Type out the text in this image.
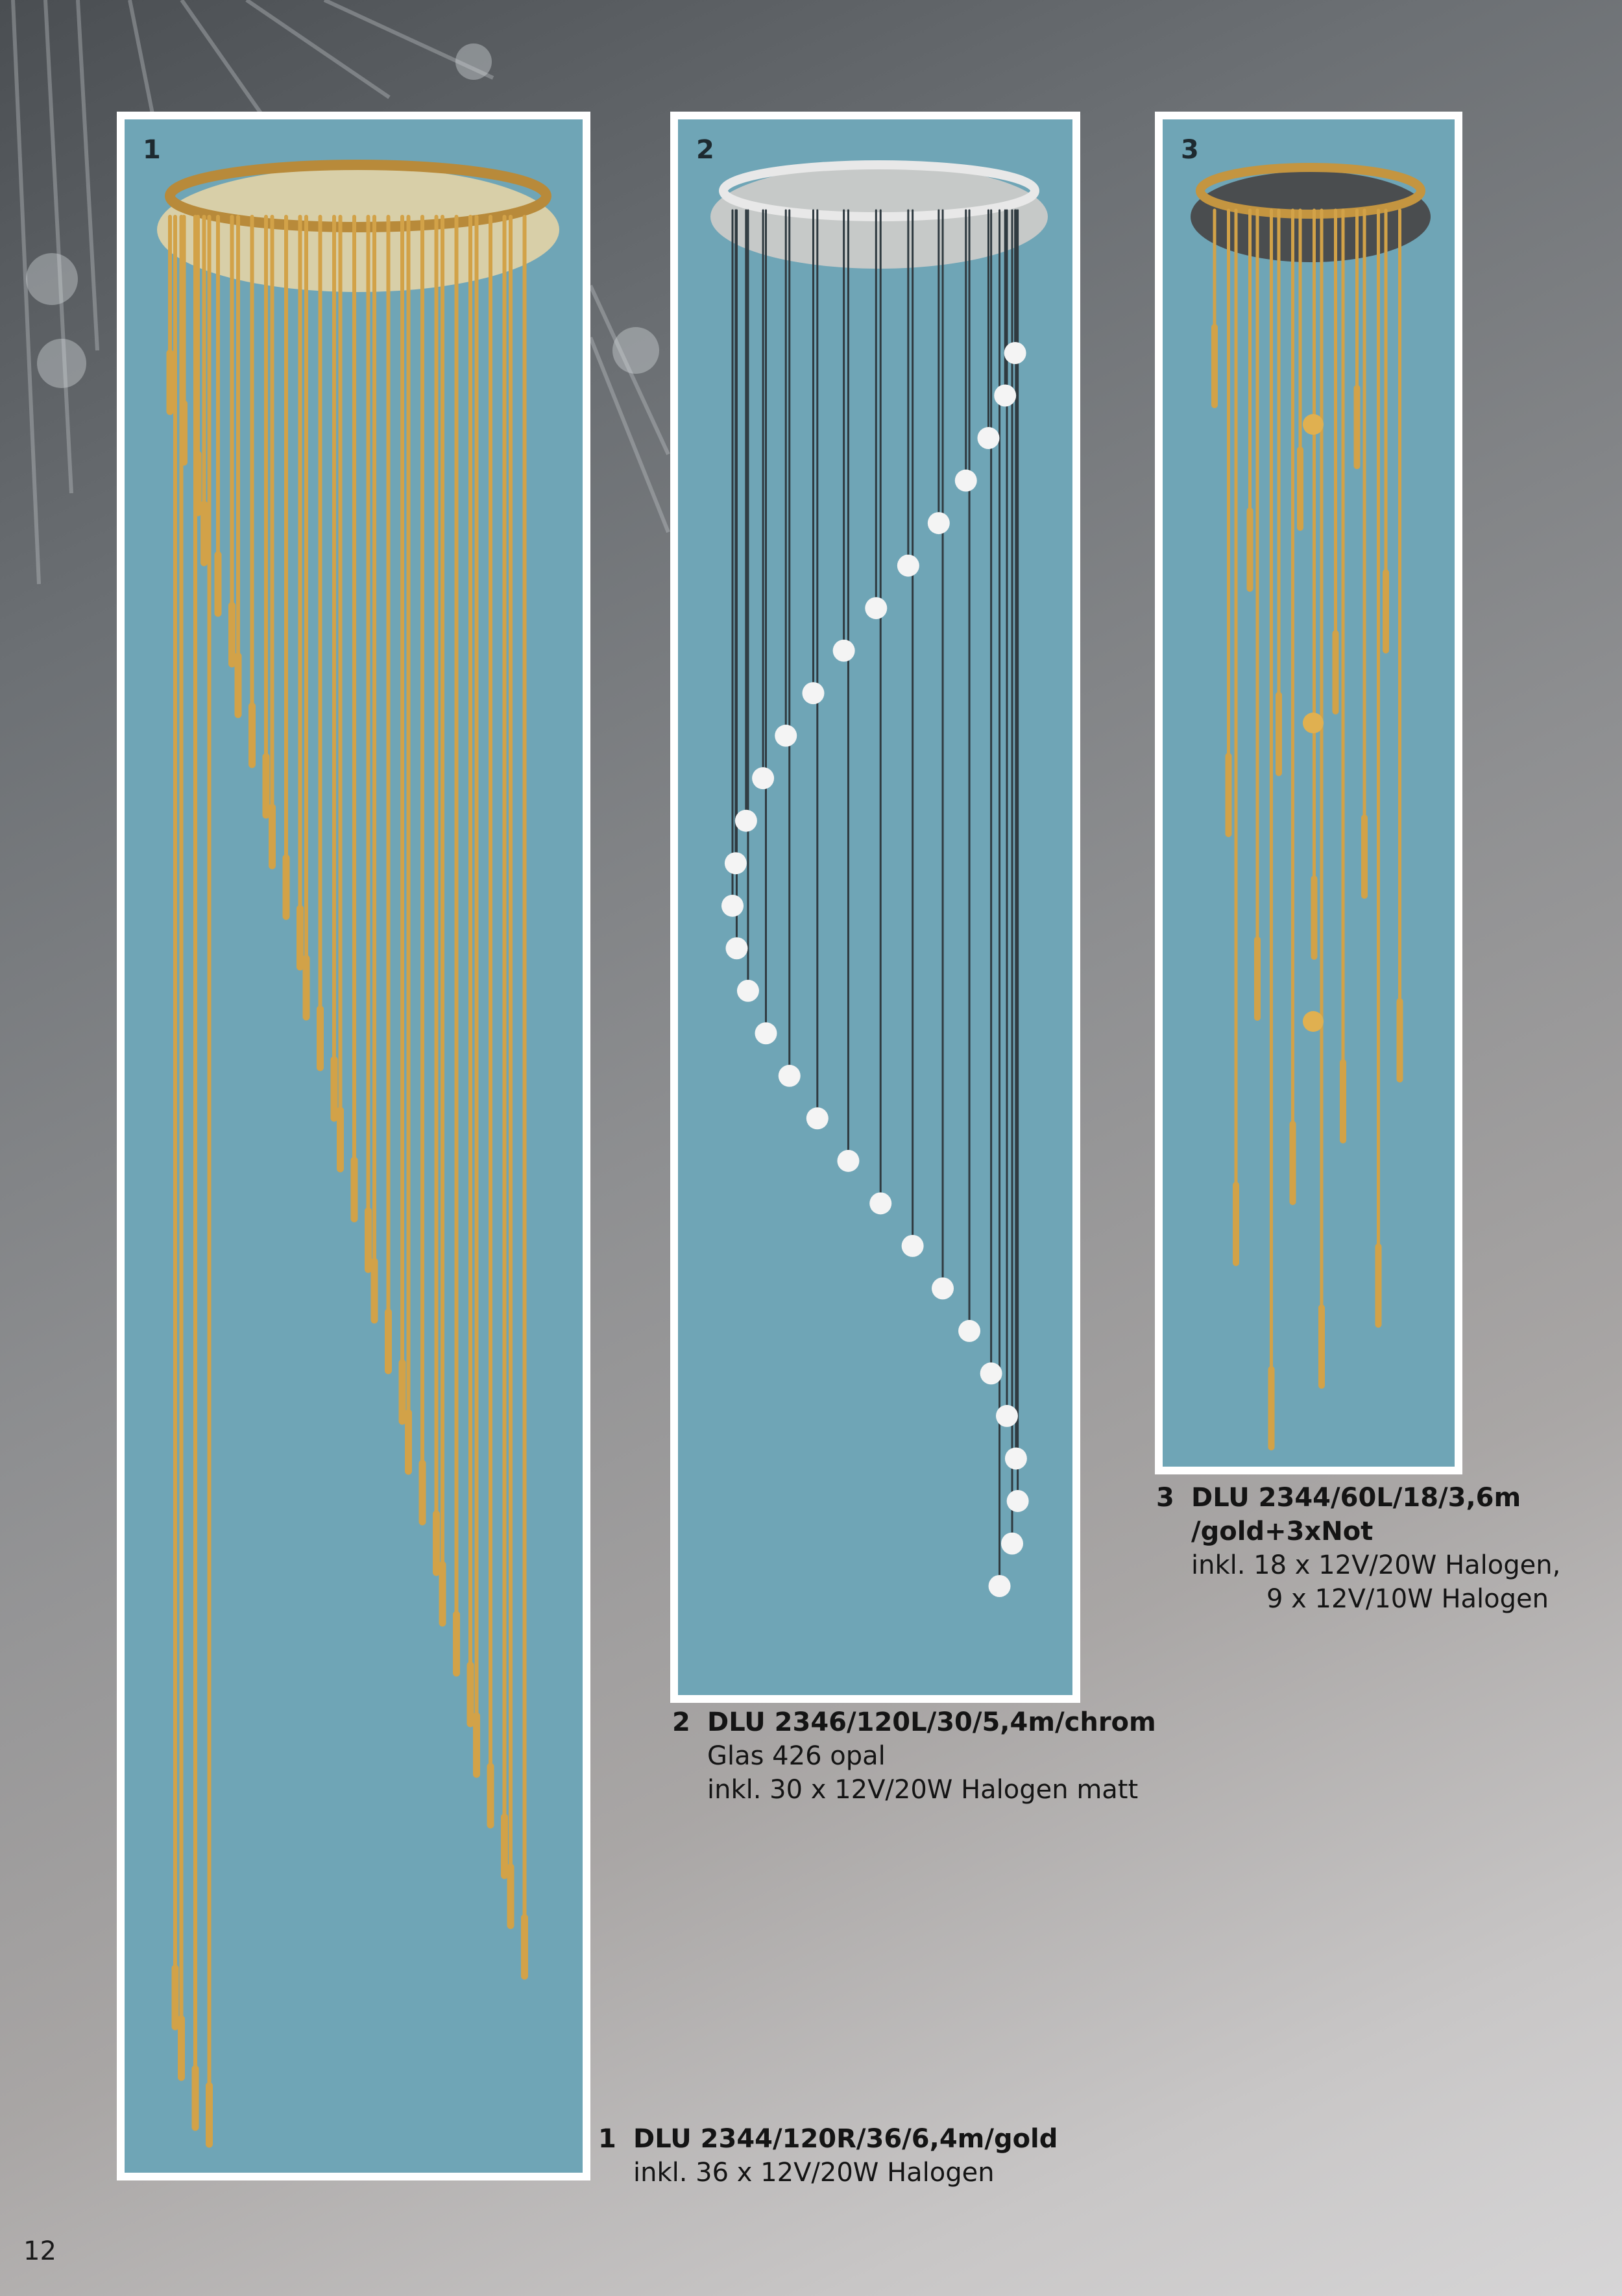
1	2	3
1 DLU 2344/120R/36/6,4m/gold
inkl. 36 x 12V/20W Halogen
2 DLU 2346/120L/30/5,4m/chrom
Glas 426 opal
inkl. 30 x 12V/20W Halogen matt
3 DLU 2344/60L/18/3,6m
/gold+3xNot
inkl. 18 x 12V/20W Halogen,
9 x 12V/10W Halogen
12
